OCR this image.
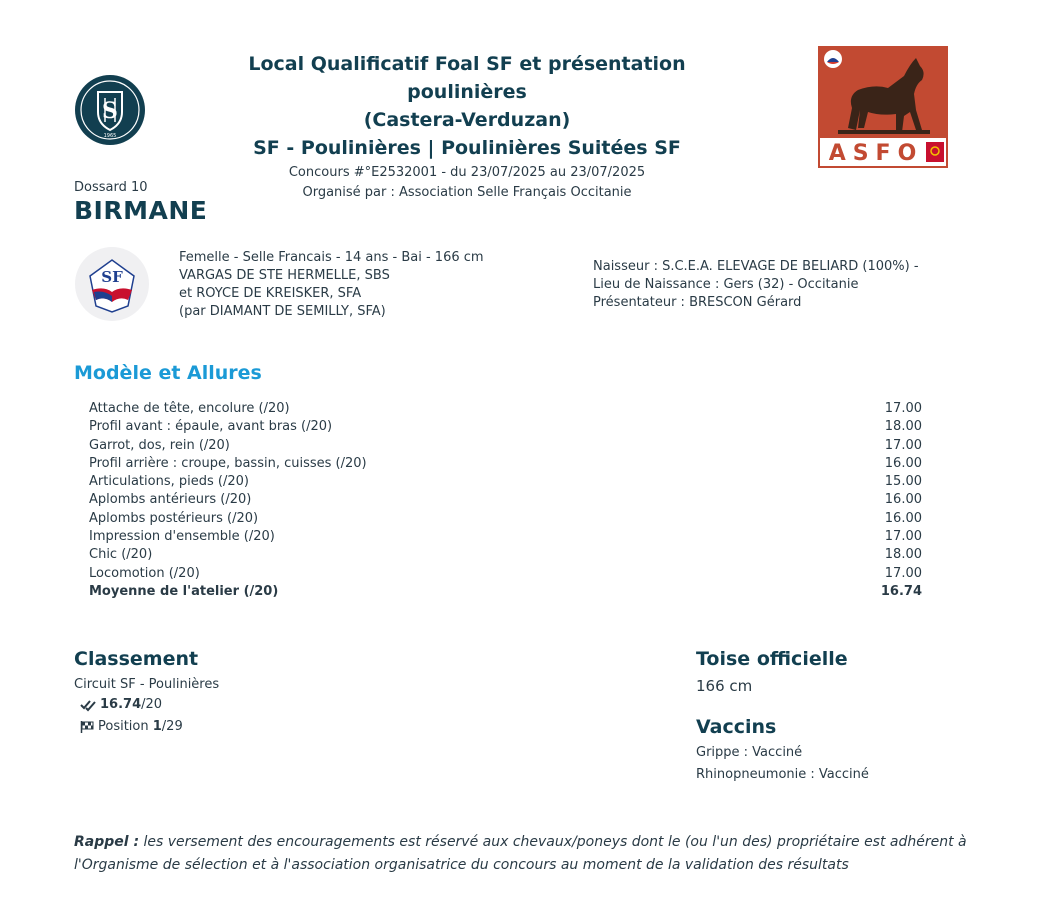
S
1965
Local Qualificatif Foal SF et présentation poulinières
(Castera-Verduzan)
SF - Poulinières | Poulinières Suitées SF
Concours #°E2532001 - du 23/07/2025 au 23/07/2025
Organisé par : Association Selle Français Occitanie
ASFO
Dossard 10
BIRMANE
SF
Femelle - Selle Francais - 14 ans - Bai - 166 cm
VARGAS DE STE HERMELLE, SBS
et ROYCE DE KREISKER, SFA
(par DIAMANT DE SEMILLY, SFA)
Naisseur : S.C.E.A. ELEVAGE DE BELIARD (100%) -
Lieu de Naissance : Gers (32) - Occitanie
Présentateur : BRESCON Gérard
Modèle et Allures
Attache de tête, encolure (/20)	17.00
Profil avant : épaule, avant bras (/20)	18.00
Garrot, dos, rein (/20)	17.00
Profil arrière : croupe, bassin, cuisses (/20)	16.00
Articulations, pieds (/20)	15.00
Aplombs antérieurs (/20)	16.00
Aplombs postérieurs (/20)	16.00
Impression d'ensemble (/20)	17.00
Chic (/20)	18.00
Locomotion (/20)	17.00
Moyenne de l'atelier (/20)	16.74
Classement
Circuit SF - Poulinières
16.74/20
Position 1/29
Toise officielle
166 cm
Vaccins
Grippe : Vacciné
Rhinopneumonie : Vacciné
Rappel : les versement des encouragements est réservé aux chevaux/poneys dont le (ou l'un des) propriétaire est adhérent à l'Organisme de sélection et à l'association organisatrice du concours au moment de la validation des résultats
